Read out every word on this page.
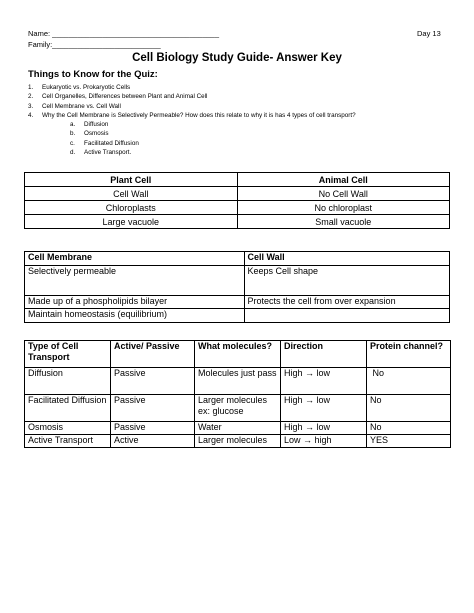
Name: ________________________________________
Family:__________________________
Day 13
Cell Biology Study Guide- Answer Key
Things to Know for the Quiz:
1. Eukaryotic vs. Prokaryotic Cells
2. Cell Organelles, Differences between Plant and Animal Cell
3. Cell Membrane vs. Cell Wall
4. Why the Cell Membrane is Selectively Permeable? How does this relate to why it is has 4 types of cell transport?
a. Diffusion
b. Osmosis
c. Facilitated Diffusion
d. Active Transport.
Plant Cell	Animal Cell
Cell Wall	No Cell Wall
Chloroplasts	No chloroplast
Large vacuole	Small vacuole
Cell Membrane	Cell Wall
Selectively permeable	Keeps Cell shape
Made up of a phospholipids bilayer	Protects the cell from over expansion
Maintain homeostasis (equilibrium)	
Type of Cell Transport	Active/ Passive	What molecules?	Direction	Protein channel?
Diffusion	Passive	Molecules just pass	High → low	No
Facilitated Diffusion	Passive	Larger molecules ex: glucose	High → low	No
Osmosis	Passive	Water	High → low	No
Active Transport	Active	Larger molecules	Low → high	YES
